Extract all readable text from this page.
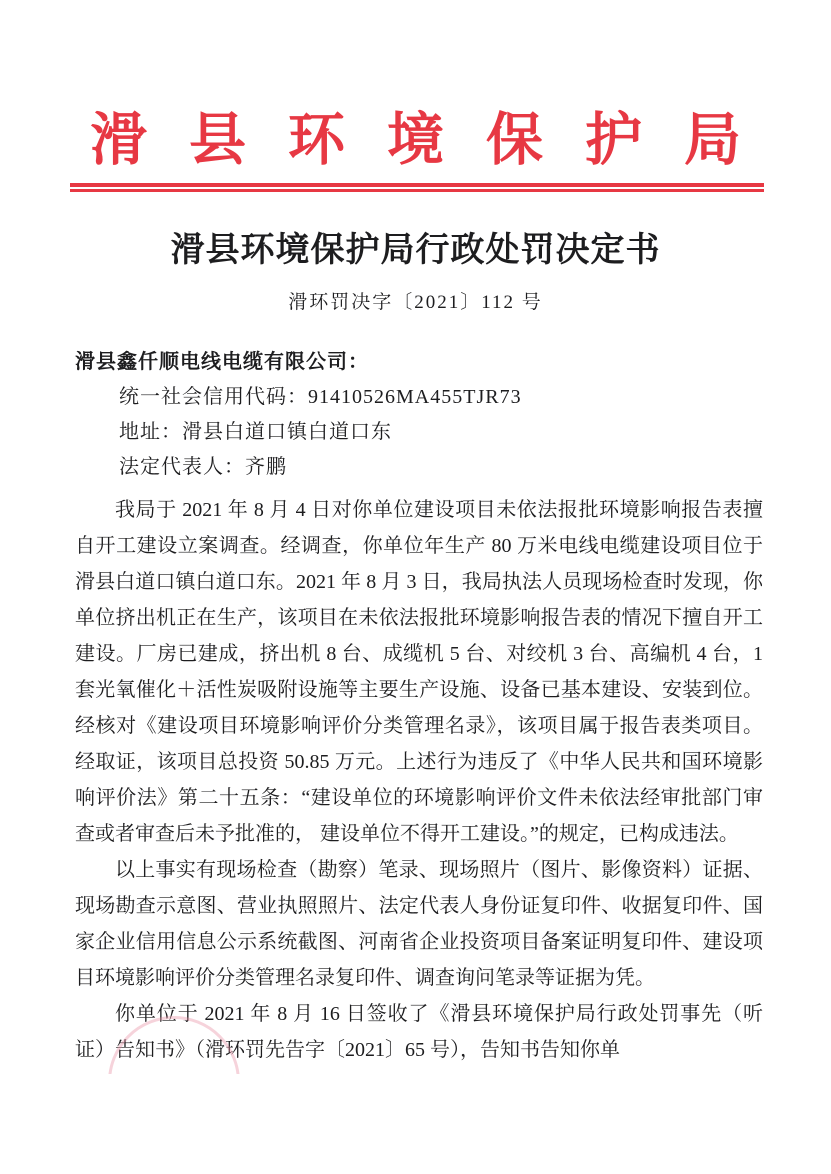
滑县环境保护局
滑县环境保护局行政处罚决定书
滑环罚决字〔2021〕112 号
滑县鑫仟顺电线电缆有限公司：
统一社会信用代码：91410526MA455TJR73
地址：滑县白道口镇白道口东
法定代表人：齐鹏

我局于 2021 年 8 月 4 日对你单位建设项目未依法报批环境影响报告表擅自开工建设立案调查。经调查，你单位年生产 80 万米电线电缆建设项目位于滑县白道口镇白道口东。2021 年 8 月 3 日，我局执法人员现场检查时发现，你单位挤出机正在生产，该项目在未依法报批环境影响报告表的情况下擅自开工建设。厂房已建成，挤出机 8 台、成缆机 5 台、对绞机 3 台、高编机 4 台，1 套光氧催化＋活性炭吸附设施等主要生产设施、设备已基本建设、安装到位。经核对《建设项目环境影响评价分类管理名录》，该项目属于报告表类项目。经取证，该项目总投资 50.85 万元。上述行为违反了《中华人民共和国环境影响评价法》第二十五条：“建设单位的环境影响评价文件未依法经审批部门审查或者审查后未予批准的， 建设单位不得开工建设。”的规定，已构成违法。

以上事实有现场检查（勘察）笔录、现场照片（图片、影像资料）证据、现场勘查示意图、营业执照照片、法定代表人身份证复印件、收据复印件、国家企业信用信息公示系统截图、河南省企业投资项目备案证明复印件、建设项目环境影响评价分类管理名录复印件、调查询问笔录等证据为凭。

你单位于 2021 年 8 月 16 日签收了《滑县环境保护局行政处罚事先（听证）告知书》（滑环罚先告字〔2021〕65 号），告知书告知你单
